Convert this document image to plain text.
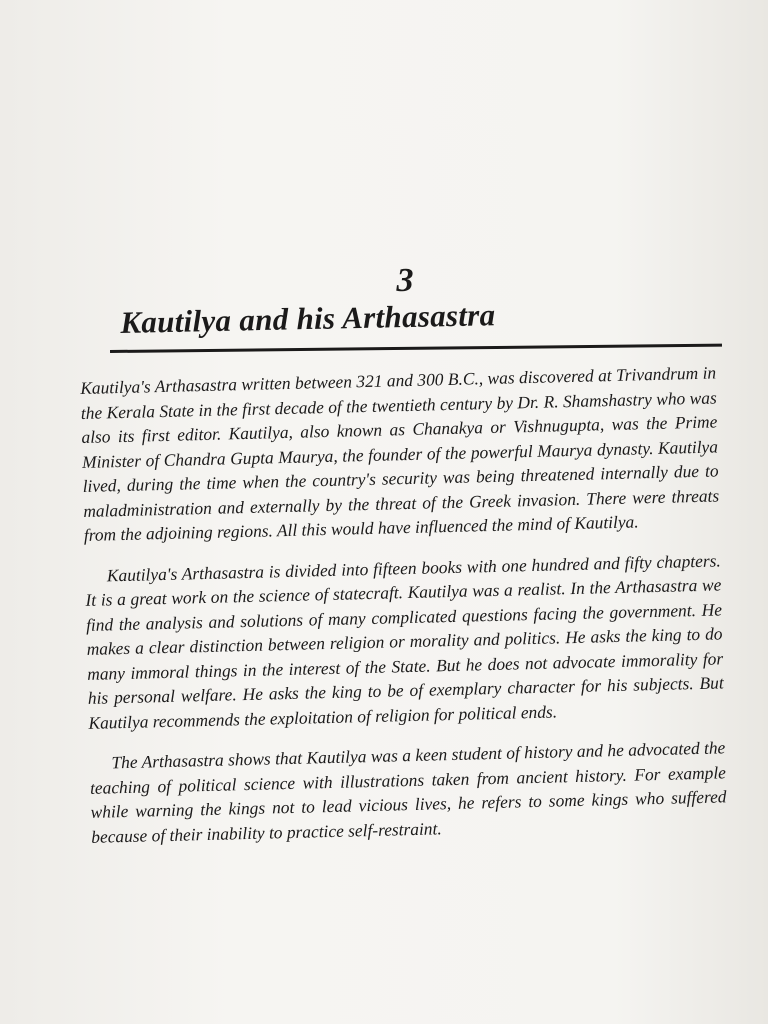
3
Kautilya and his Arthasastra

Kautilya's Arthasastra written between 321 and 300 B.C., was discovered at Trivandrum in the Kerala State in the first decade of the twentieth century by Dr. R. Shamshastry who was also its first editor. Kautilya, also known as Chanakya or Vishnugupta, was the Prime Minister of Chandra Gupta Maurya, the founder of the powerful Maurya dynasty. Kautilya lived, during the time when the country's security was being threatened internally due to maladministration and externally by the threat of the Greek invasion. There were threats from the adjoining regions. All this would have influenced the mind of Kautilya.

Kautilya's Arthasastra is divided into fifteen books with one hundred and fifty chapters. It is a great work on the science of statecraft. Kautilya was a realist. In the Arthasastra we find the analysis and solutions of many complicated questions facing the government. He makes a clear distinction between religion or morality and politics. He asks the king to do many immoral things in the interest of the State. But he does not advocate immorality for his personal welfare. He asks the king to be of exemplary character for his subjects. But Kautilya recommends the exploitation of religion for political ends.

The Arthasastra shows that Kautilya was a keen student of history and he advocated the teaching of political science with illustrations taken from ancient history. For example while warning the kings not to lead vicious lives, he refers to some kings who suffered because of their inability to practice self-restraint.
